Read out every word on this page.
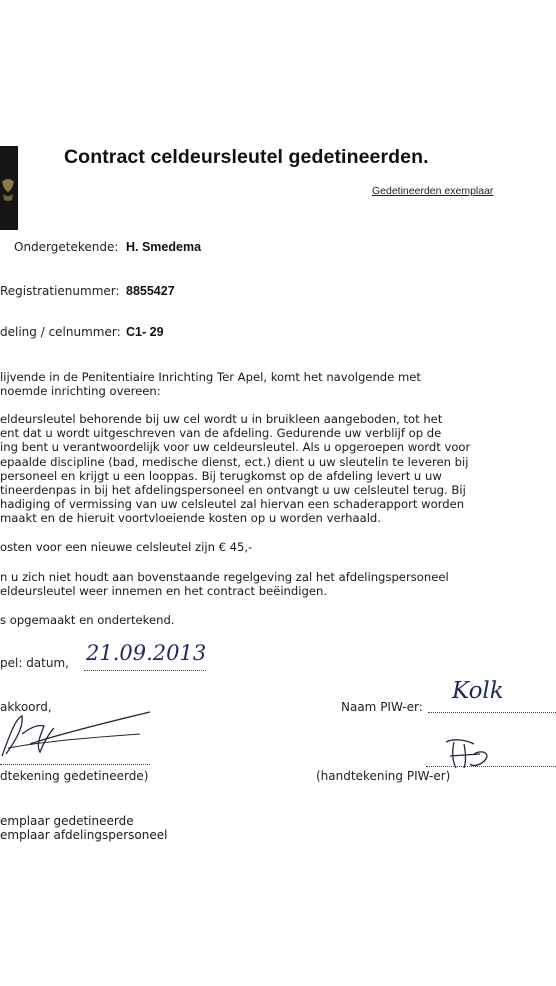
Contract celdeursleutel gedetineerden.
Gedetineerden exemplaar
Ondergetekende: H. Smedema
Registratienummer: 8855427
deling / celnummer: C1- 29
lijvende in de Penitentiaire Inrichting Ter Apel, komt het navolgende met
noemde inrichting overeen:
eldeursleutel behorende bij uw cel wordt u in bruikleen aangeboden, tot het
ent dat u wordt uitgeschreven van de afdeling. Gedurende uw verblijf op de
ing bent u verantwoordelijk voor uw celdeursleutel. Als u opgeroepen wordt voor
epaalde discipline (bad, medische dienst, ect.) dient u uw sleutelin te leveren bij
personeel en krijgt u een looppas. Bij terugkomst op de afdeling levert u uw
tineerdenpas in bij het afdelingspersoneel en ontvangt u uw celsleutel terug. Bij
hadiging of vermissing van uw celsleutel zal hiervan een schaderapport worden
maakt en de hieruit voortvloeiende kosten op u worden verhaald.
osten voor een nieuwe celsleutel zijn € 45,-
n u zich niet houdt aan bovenstaande regelgeving zal het afdelingspersoneel
eldeursleutel weer innemen en het contract beëindigen.
s opgemaakt en ondertekend.
pel: datum, 21.09.2013
akkoord,	Naam PIW-er:
Kolk
dtekening gedetineerde)	(handtekening PIW-er)
emplaar gedetineerde
emplaar afdelingspersoneel
